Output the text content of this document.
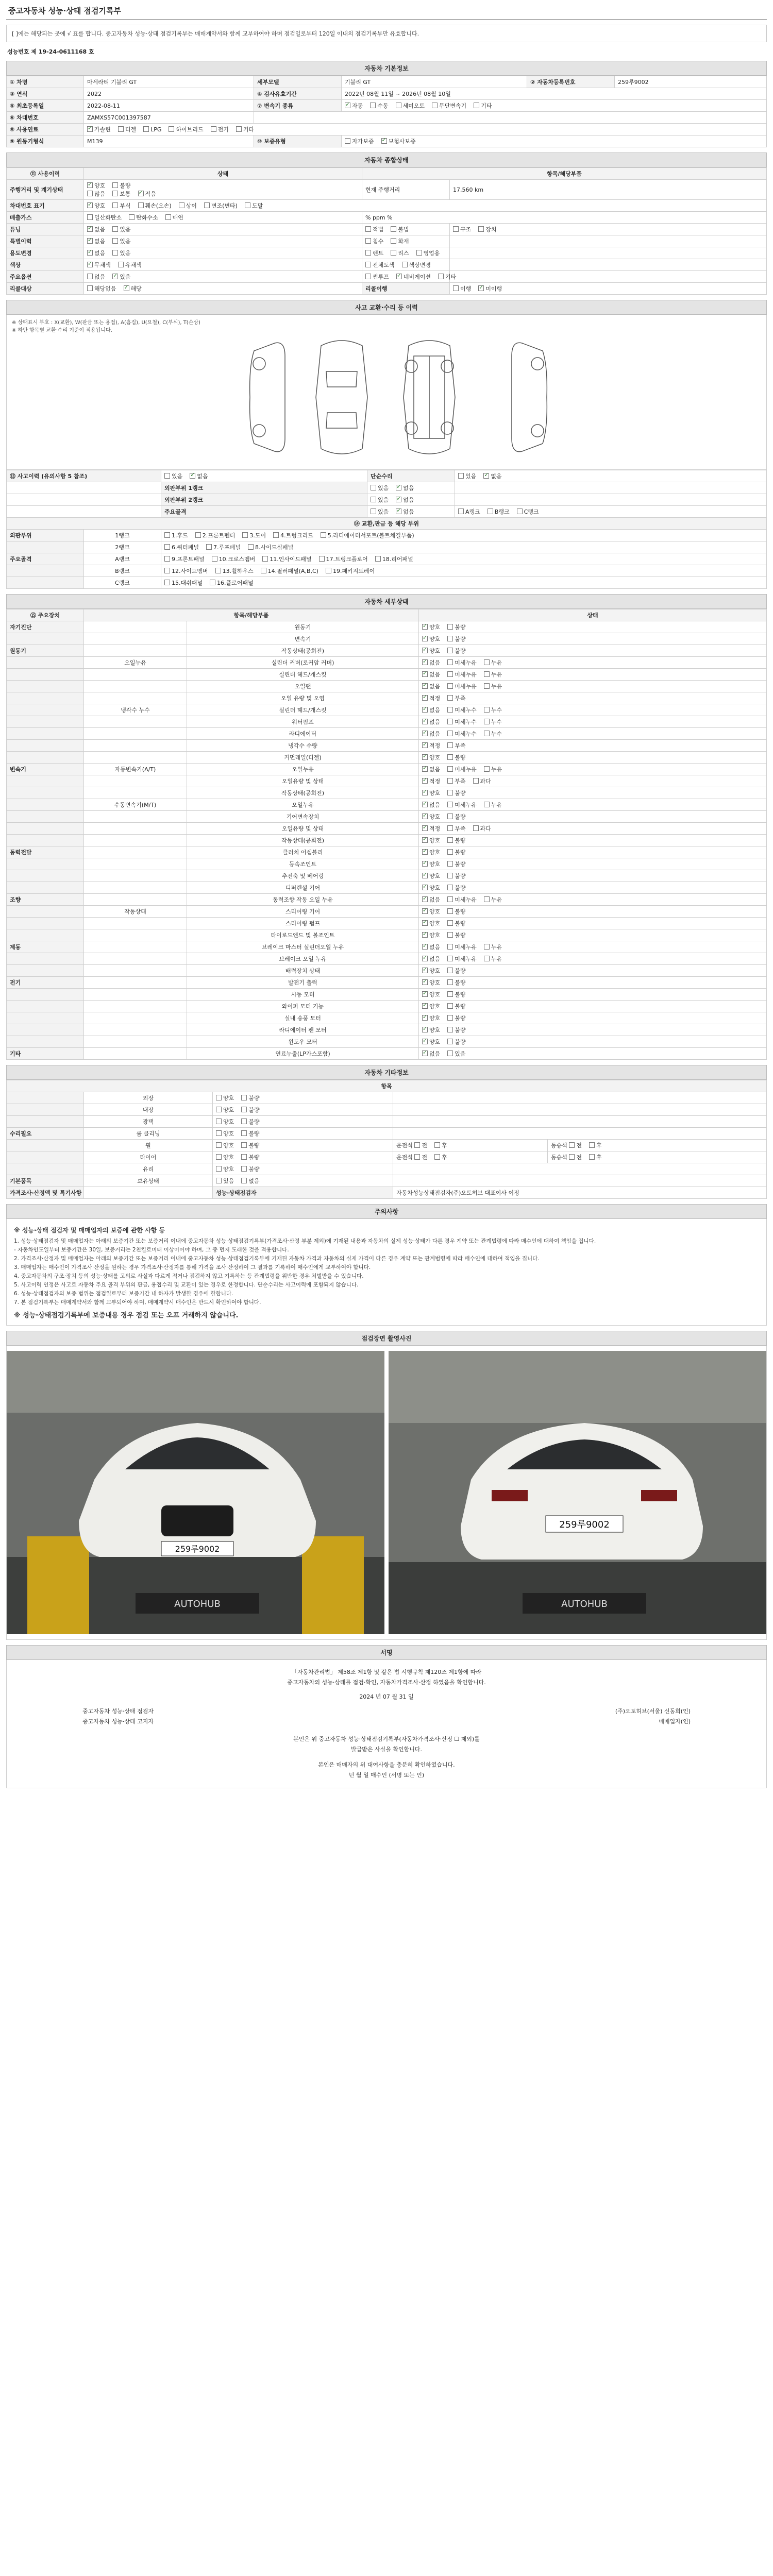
중고자동차 성능·상태 점검기록부
[ ]에는 해당되는 곳에 √ 표를 합니다. 중고자동차 성능·상태 점검기록부는 매매계약서와 함께 교부하여야 하며 점검일로부터 120일 이내의 점검기록부만 유효합니다.
성능번호 제 19-24-0611168 호
자동차 기본정보
① 차명	마세라티 기블리 GT	세부모델	기블리 GT	② 자동차등록번호	259루9002
③ 연식	2022	④ 검사유효기간	2022년 08월 11일 ~ 2026년 08월 10일		
⑤ 최초등록일	2022-08-11	⑦ 변속기 종류	✓자동 수동 세미오토 무단변속기 기타
⑥ 차대번호	ZAMXS57C001397587				
⑧ 사용연료	✓가솔린 디젤 LPG 하이브리드 전기 기타
⑨ 원동기형식	M139	⑩ 보증유형	자가보증 ✓ 보험사보증
자동차 종합상태
⑪ 사용이력	상태	항목/해당부품	
주행거리 및 계기상태	✓양호 불량
많음 보통 ✓ 적음	현재 주행거리	17,560 km
차대번호 표기	✓양호 부식 훼손(오손) 상이 변조(변타) 도말
배출가스	일산화탄소 탄화수소 매연	% ppm %	
튜닝	✓없음 있음	적법 불법	구조 장치
특별이력	✓없음 있음	침수 화재	
용도변경	✓없음 있음	렌트 리스 영업용	
색상	✓무채색 유채색	전체도색 색상변경	
주요옵션	없음 ✓ 있음	썬루프 ✓ 네비게이션 기타	
리콜대상	해당없음 ✓ 해당	리콜이행	이행 ✓ 미이행
사고 교환·수리 등 이력
※ 상태표시 부호 : X(교환), W(판금 또는 용접), A(흠집), U(요철), C(부식), T(손상)
※ 하단 항목별 교환·수리 기준이 적용됩니다.
⑬ 사고이력 (유의사항 5 참조)		있음 ✓ 없음	단순수리	있음 ✓ 없음
		외판부위 1랭크	있음 ✓ 없음	
		외판부위 2랭크	있음 ✓ 없음	
		주요골격	있음 ✓ 없음	A랭크 B랭크 C랭크
⑭ 교환,판금 등 해당 부위				
외판부위	1랭크	1.후드 2.프론트펜더 3.도어 4.트렁크리드 5.라디에이터서포트(볼트체결부품)		
	2랭크	6.쿼터패널 7.루프패널 8.사이드실패널		
주요골격	A랭크	9.프론트패널 10.크로스멤버 11.인사이드패널 17.트렁크플로어 18.리어패널		
	B랭크	12.사이드멤버 13.휠하우스 14.필러패널(A,B,C) 19.패키지트레이		
	C랭크	15.대쉬패널 16.플로어패널		
자동차 세부상태
⑮ 주요장치	항목/해당부품		상태
자기진단		원동기	✓양호 불량
		변속기	✓양호 불량
원동기		작동상태(공회전)	✓양호 불량
	오일누유	실린더 커버(로커암 커버)	✓없음 미세누유 누유
		실린더 헤드/개스킷	✓없음 미세누유 누유
		오일팬	✓없음 미세누유 누유
		오일 유량 및 오염	✓적정 부족
	냉각수 누수	실린더 헤드/개스킷	✓없음 미세누수 누수
		워터펌프	✓없음 미세누수 누수
		라디에이터	✓없음 미세누수 누수
		냉각수 수량	✓적정 부족
		커먼레일(디젤)	✓양호 불량
변속기	자동변속기(A/T)	오일누유	✓없음 미세누유 누유
		오일유량 및 상태	✓적정 부족 과다
		작동상태(공회전)	✓양호 불량
	수동변속기(M/T)	오일누유	✓없음 미세누유 누유
		기어변속장치	✓양호 불량
		오일유량 및 상태	✓적정 부족 과다
		작동상태(공회전)	✓양호 불량
동력전달		클러치 어셈블리	✓양호 불량
		등속조인트	✓양호 불량
		추진축 및 베어링	✓양호 불량
		디퍼렌셜 기어	✓양호 불량
조향		동력조향 작동 오일 누유	✓없음 미세누유 누유
	작동상태	스티어링 기어	✓양호 불량
		스티어링 펌프	✓양호 불량
		타이로드엔드 및 볼조인트	✓양호 불량
제동		브레이크 마스터 실린더오일 누유	✓없음 미세누유 누유
		브레이크 오일 누유	✓없음 미세누유 누유
		배력장치 상태	✓양호 불량
전기		발전기 출력	✓양호 불량
		시동 모터	✓양호 불량
		와이퍼 모터 기능	✓양호 불량
		실내 송풍 모터	✓양호 불량
		라디에이터 팬 모터	✓양호 불량
		윈도우 모터	✓양호 불량
기타		연료누출(LP가스포함)	✓없음 있음
자동차 기타정보
항목				
	외장	양호 불량		
	내장	양호 불량		
	광택	양호 불량		
수리필요	룸 클리닝	양호 불량		
	휠	양호 불량	운전석 전 후	동승석 전 후
	타이어	양호 불량	운전석 전 후	동승석 전 후
	유리	양호 불량		
기본품목	보유상태	있음 없음		
가격조사·산정액 및 특기사항		성능·상태점검자	자동차성능상태점검자(주)오토허브 대표이사 이정	
주의사항
※ 성능·상태 점검자 및 매매업자의 보증에 관한 사항 등
1. 성능·상태점검자 및 매매업자는 아래의 보증기간 또는 보증거리 이내에 중고자동차 성능·상태점검기록부(가격조사·산정 부분 제외)에 기재된 내용과 자동차의 실제 성능·상태가 다른 경우 계약 또는 관계법령에 따라 매수인에 대하여 책임을 집니다.
- 자동차인도일부터 보증기간은 30일, 보증거리는 2천킬로미터 이상이어야 하며, 그 중 먼저 도래한 것을 적용합니다.
2. 가격조사·산정자 및 매매업자는 아래의 보증기간 또는 보증거리 이내에 중고자동차 성능·상태점검기록부에 기재된 자동차 가격과 자동차의 실제 가격이 다른 경우 계약 또는 관계법령에 따라 매수인에 대하여 책임을 집니다.
3. 매매업자는 매수인이 가격조사·산정을 원하는 경우 가격조사·산정자를 통해 가격을 조사·산정하여 그 결과를 기록하여 매수인에게 교부하여야 합니다.
4. 중고자동차의 구조·장치 등의 성능·상태를 고의로 사실과 다르게 적거나 점검하지 않고 기록하는 등 관계법령을 위반한 경우 처벌받을 수 있습니다.
5. 사고이력 인정은 사고로 자동차 주요 골격 부위의 판금, 용접수리 및 교환이 있는 경우로 한정합니다. 단순수리는 사고이력에 포함되지 않습니다.
6. 성능·상태점검자의 보증 범위는 점검일로부터 보증기간 내 하자가 발생한 경우에 한합니다.
7. 본 점검기록부는 매매계약서와 함께 교부되어야 하며, 매매계약시 매수인은 반드시 확인하여야 합니다.
※ 성능·상태점검기록부에 보증내용 경우 점검 또는 오프 거래하지 않습니다.
점검장면 촬영사진
259루9002
AUTOHUB
259루9002
AUTOHUB
서명
「자동차관리법」 제58조 제1항 및 같은 법 시행규칙 제120조 제1항에 따라
중고자동차의 성능·상태를 점검·확인, 자동차가격조사·산정 하였음을 확인합니다.
2024 년 07 월 31 일
중고자동차 성능·상태 점검자	(주)오토허브(서울) 신동희(인)
중고자동차 성능·상태 고지자	매매업자(인)
본인은 위 중고자동차 성능·상태점검기록부(자동차가격조사·산정 ☐ 제외)를
발급받은 사실을 확인합니다.
본인은 매매자의 위 대여사항을 충분히 확인하였습니다.
년 월 일 매수인 (서명 또는 인)
